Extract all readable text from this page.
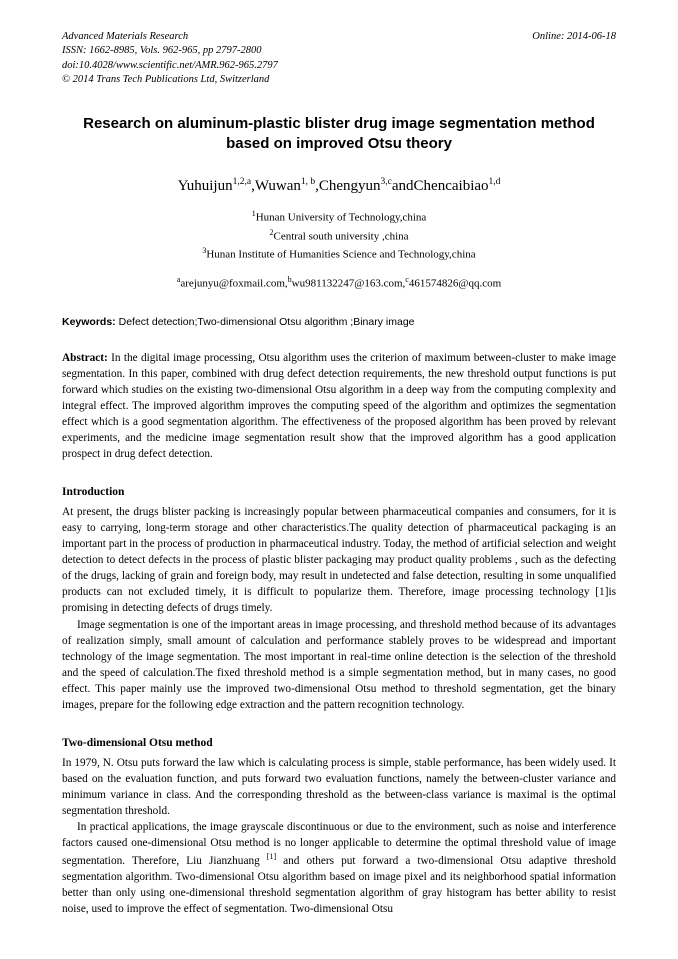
Advanced Materials Research
ISSN: 1662-8985, Vols. 962-965, pp 2797-2800
doi:10.4028/www.scientific.net/AMR.962-965.2797
© 2014 Trans Tech Publications Ltd, Switzerland
Online: 2014-06-18
Research on aluminum-plastic blister drug image segmentation method based on improved Otsu theory
Yuhuijun$^{1,2,a}$,Wuwan$^{1, b}$,Chengyun$^{3,c}$andChencaibiao$^{1,d}$
$^1$Hunan University of Technology,china
$^2$Central south university ,china
$^3$Hunan Institute of Humanities Science and Technology,china
$^a$arejunyu@foxmail.com,$^b$wu981132247@163.com,$^c$461574826@qq.com
Keywords: Defect detection;Two-dimensional Otsu algorithm ;Binary image
Abstract: In the digital image processing, Otsu algorithm uses the criterion of maximum between-cluster to make image segmentation. In this paper, combined with drug defect detection requirements, the new threshold output functions is put forward which studies on the existing two-dimensional Otsu algorithm in a deep way from the computing complexity and integral effect. The improved algorithm improves the computing speed of the algorithm and optimizes the segmentation effect which is a good segmentation algorithm. The effectiveness of the proposed algorithm has been proved by relevant experiments, and the medicine image segmentation result show that the improved algorithm has a good application prospect in drug defect detection.
Introduction

At present, the drugs blister packing is increasingly popular between pharmaceutical companies and consumers, for it is easy to carrying, long-term storage and other characteristics.The quality detection of pharmaceutical packaging is an important part in the process of production in pharmaceutical industry. Today, the method of artificial selection and weight detection to detect defects in the process of plastic blister packaging may product quality problems , such as the defecting of the drugs, lacking of grain and foreign body, may result in undetected and false detection, resulting in some unqualified products can not excluded timely, it is difficult to popularize them. Therefore, image processing technology [1]is promising in detecting defects of drugs timely.

Image segmentation is one of the important areas in image processing, and threshold method because of its advantages of realization simply, small amount of calculation and performance stablely proves to be widespread and important technology of the image segmentation. The most important in real-time online detection is the selection of the threshold and the speed of calculation.The fixed threshold method is a simple segmentation method, but in many cases, no good effect. This paper mainly use the improved two-dimensional Otsu method to threshold segmentation, get the binary images, prepare for the following edge extraction and the pattern recognition technology.

Two-dimensional Otsu method

In 1979, N. Otsu puts forward the law which is calculating process is simple, stable performance, has been widely used. It based on the evaluation function, and puts forward two evaluation functions, namely the between-cluster variance and minimum variance in class. And the corresponding threshold as the between-class variance is maximal is the optimal segmentation threshold.

In practical applications, the image grayscale discontinuous or due to the environment, such as noise and interference factors caused one-dimensional Otsu method is no longer applicable to determine the optimal threshold value of image segmentation. Therefore, Liu Jianzhuang [1] and others put forward a two-dimensional Otsu adaptive threshold segmentation algorithm. Two-dimensional Otsu algorithm based on image pixel and its neighborhood spatial information better than only using one-dimensional threshold segmentation algorithm of gray histogram has better ability to resist noise, used to improve the effect of segmentation. Two-dimensional Otsu
